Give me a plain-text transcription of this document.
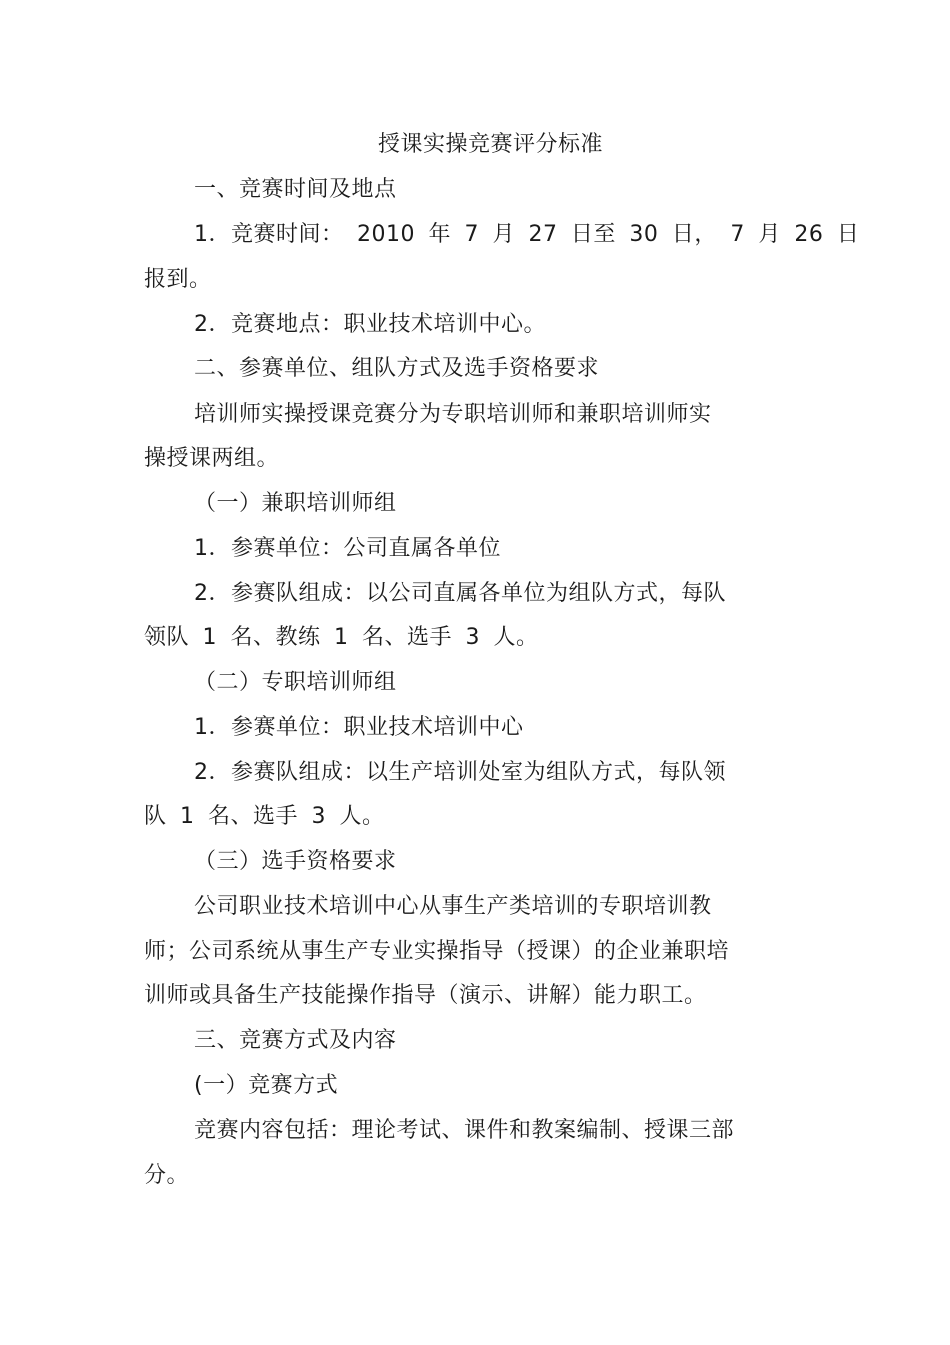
授课实操竞赛评分标准
一、竞赛时间及地点
1．竞赛时间： 2010 年 7 月 27 日至 30 日， 7 月 26 日
报到。
2．竞赛地点：职业技术培训中心。
二、参赛单位、组队方式及选手资格要求
培训师实操授课竞赛分为专职培训师和兼职培训师实
操授课两组。
（一）兼职培训师组
1．参赛单位：公司直属各单位
2．参赛队组成：以公司直属各单位为组队方式，每队
领队 1 名、教练 1 名、选手 3 人。
（二）专职培训师组
1．参赛单位：职业技术培训中心
2．参赛队组成：以生产培训处室为组队方式，每队领
队 1 名、选手 3 人。
（三）选手资格要求
公司职业技术培训中心从事生产类培训的专职培训教
师；公司系统从事生产专业实操指导（授课）的企业兼职培
训师或具备生产技能操作指导（演示、讲解）能力职工。
三、竞赛方式及内容
(一）竞赛方式
竞赛内容包括：理论考试、课件和教案编制、授课三部
分。
